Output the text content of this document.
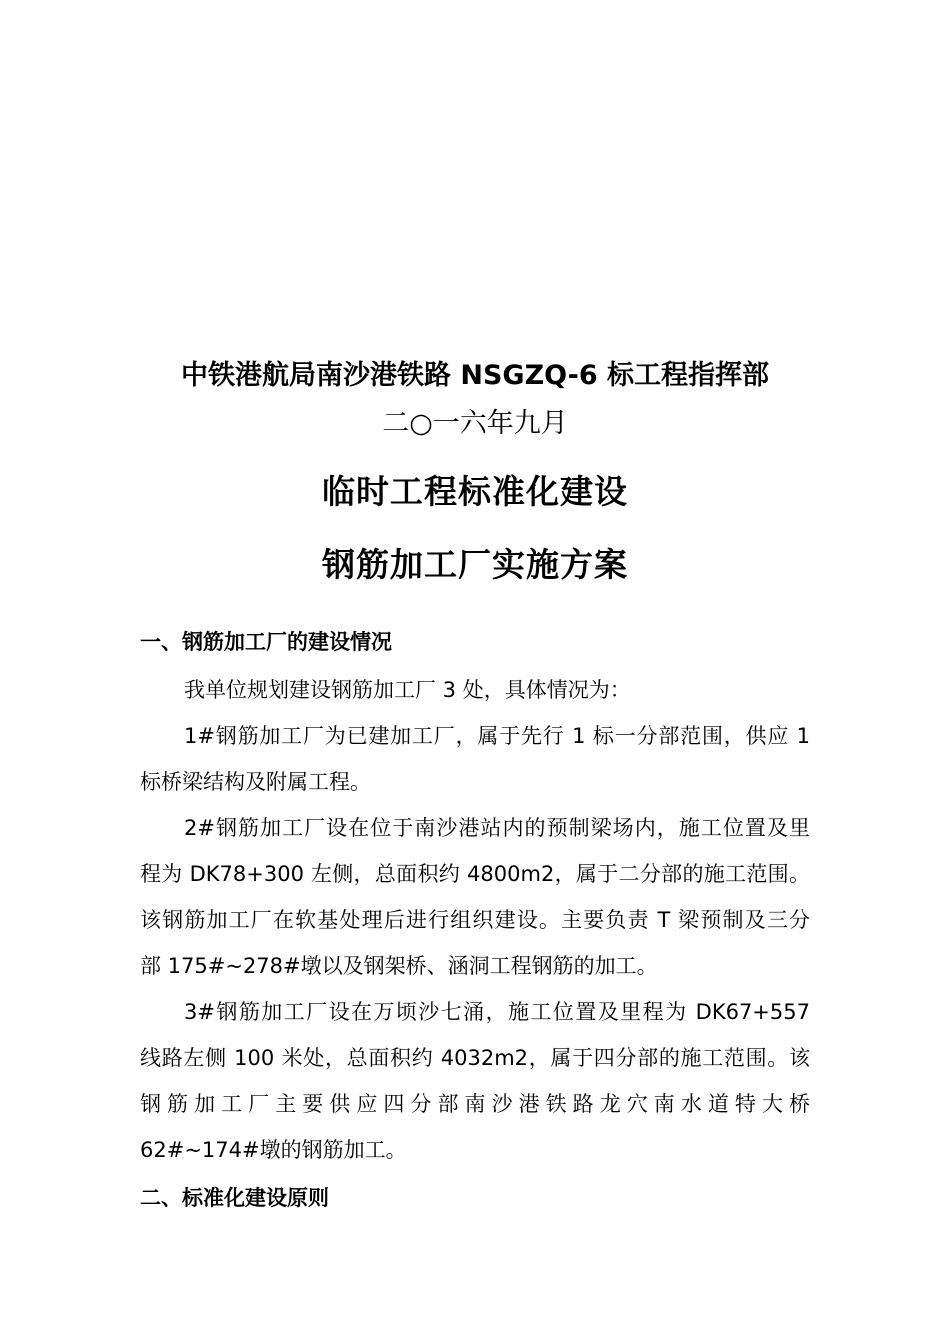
中铁港航局南沙港铁路 NSGZQ-6 标工程指挥部
二○一六年九月
临时工程标准化建设
钢筋加工厂实施方案
一、钢筋加工厂的建设情况
我单位规划建设钢筋加工厂 3 处，具体情况为：
1#钢筋加工厂为已建加工厂，属于先行 1 标一分部范围，供应 1
标桥梁结构及附属工程。
2#钢筋加工厂设在位于南沙港站内的预制梁场内，施工位置及里
程为 DK78+300 左侧，总面积约 4800m2，属于二分部的施工范围。
该钢筋加工厂在软基处理后进行组织建设。主要负责 T 梁预制及三分
部 175#~278#墩以及钢架桥、涵洞工程钢筋的加工。
3#钢筋加工厂设在万顷沙七涌，施工位置及里程为 DK67+557
线路左侧 100 米处，总面积约 4032m2，属于四分部的施工范围。该
钢筋加工厂主要供应四分部南沙港铁路龙穴南水道特大桥
62#~174#墩的钢筋加工。
二、标准化建设原则
